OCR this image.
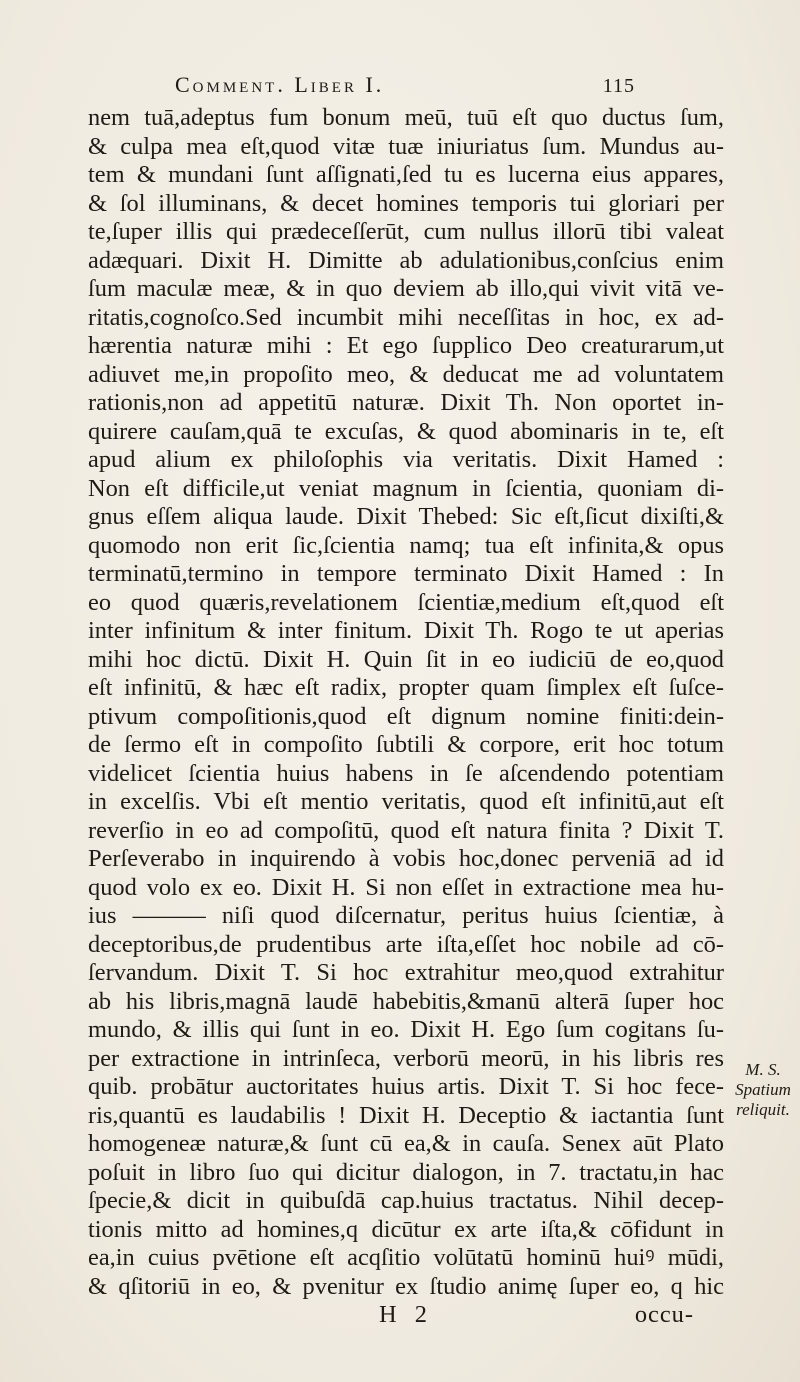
Comment. Liber I.	115
nem tuā,adeptus fum bonum meū, tuū eſt quo ductus ſum,
& culpa mea eſt,quod vitæ tuæ iniuriatus ſum. Mundus au-
tem & mundani ſunt aſſignati,ſed tu es lucerna eius appares,
& ſol illuminans, & decet homines temporis tui gloriari per
te,ſuper illis qui prædeceſſerūt, cum nullus illorū tibi valeat
adæquari. Dixit H. Dimitte ab adulationibus,conſcius enim
ſum maculæ meæ, & in quo deviem ab illo,qui vivit vitā ve-
ritatis,cognoſco.Sed incumbit mihi neceſſitas in hoc, ex ad-
hærentia naturæ mihi : Et ego ſupplico Deo creaturarum,ut
adiuvet me,in propoſito meo, & deducat me ad voluntatem
rationis,non ad appetitū naturæ. Dixit Th. Non oportet in-
quirere cauſam,quā te excuſas, & quod abominaris in te, eſt
apud alium ex philoſophis via veritatis. Dixit Hamed :
Non eſt difficile,ut veniat magnum in ſcientia, quoniam di-
gnus eſſem aliqua laude. Dixit Thebed: Sic eſt,ſicut dixiſti,&
quomodo non erit ſic,ſcientia namq; tua eſt infinita,& opus
terminatū,termino in tempore terminato Dixit Hamed : In
eo quod quæris,revelationem ſcientiæ,medium eſt,quod eſt
inter infinitum & inter finitum. Dixit Th. Rogo te ut aperias
mihi hoc dictū. Dixit H. Quin ſit in eo iudiciū de eo,quod
eſt infinitū, & hæc eſt radix, propter quam ſimplex eſt ſuſce-
ptivum compoſitionis,quod eſt dignum nomine finiti:dein-
de ſermo eſt in compoſito ſubtili & corpore, erit hoc totum
videlicet ſcientia huius habens in ſe aſcendendo potentiam
in excelſis. Vbi eſt mentio veritatis, quod eſt infinitū,aut eſt
reverſio in eo ad compoſitū, quod eſt natura finita ? Dixit T.
Perſeverabo in inquirendo à vobis hoc,donec perveniā ad id
quod volo ex eo. Dixit H. Si non eſſet in extractione mea hu-
ius ——— niſi quod diſcernatur, peritus huius ſcientiæ, à
deceptoribus,de prudentibus arte iſta,eſſet hoc nobile ad cō-
ſervandum. Dixit T. Si hoc extrahitur meo,quod extrahitur
ab his libris,magnā laudē habebitis,&manū alterā ſuper hoc
mundo, & illis qui ſunt in eo. Dixit H. Ego ſum cogitans ſu-
per extractione in intrinſeca, verborū meorū, in his libris res
quib. probātur auctoritates huius artis. Dixit T. Si hoc fece-
ris,quantū es laudabilis ! Dixit H. Deceptio & iactantia ſunt
homogeneæ naturæ,& ſunt cū ea,& in cauſa. Senex aūt Plato
poſuit in libro ſuo qui dicitur dialogon, in 7. tractatu,in hac
ſpecie,& dicit in quibuſdā cap.huius tractatus. Nihil decep-
tionis mitto ad homines,q dicūtur ex arte iſta,& cōfidunt in
ea,in cuius pvētione eſt acqſitio volūtatū hominū huiꝰ mūdi,
& qſitoriū in eo, & pvenitur ex ſtudio animę ſuper eo, q hic
H 2	occu-
M. S.
Spatium
reliquit.
